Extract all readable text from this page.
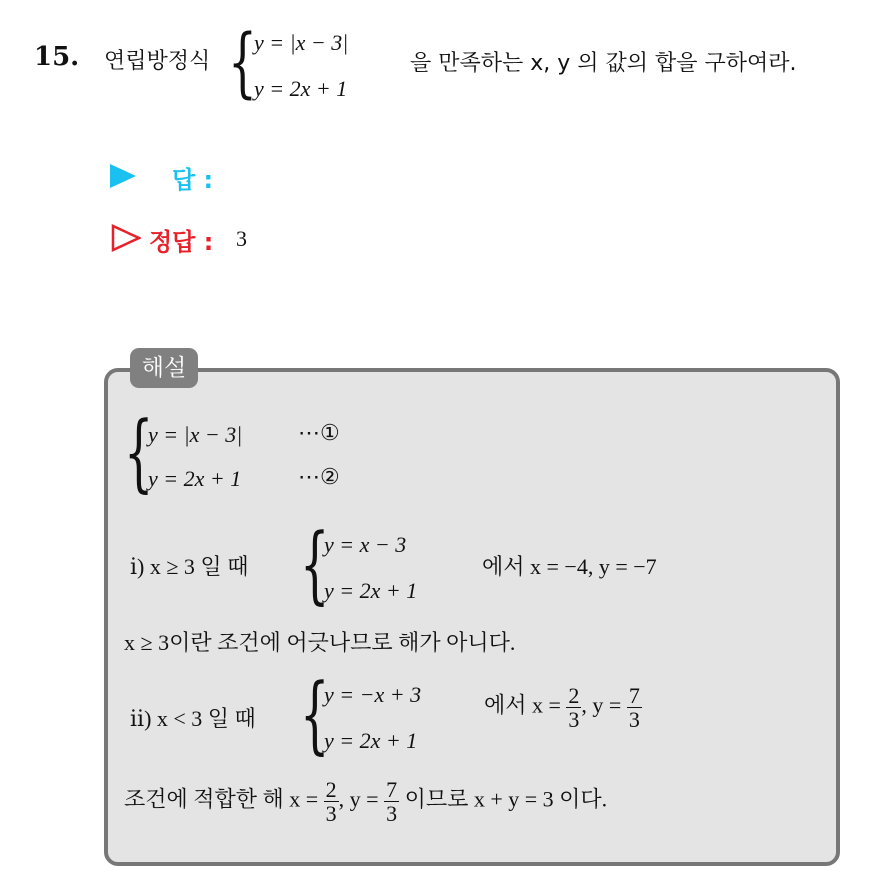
15. 연립방정식 {
y = |x − 3|
y = 2x + 1
을 만족하는 x, y 의 값의 합을 구하여라.
답 :
정답 : 3
해설
{
y = |x − 3|	⋯①
y = 2x + 1	⋯②
ⅰ) x ≥ 3 일 때 {
y = x − 3
y = 2x + 1
에서 x = −4, y = −7
x ≥ 3이란 조건에 어긋나므로 해가 아니다.
ⅱ) x < 3 일 때 {
y = −x + 3
y = 2x + 1
에서 $x = \frac{2}{3}$ , $y = \frac{7}{3}$
조건에 적합한 해 $x = \frac{2}{3}$ , $y = \frac{7}{3}$ 이므로 x + y = 3 이다.
